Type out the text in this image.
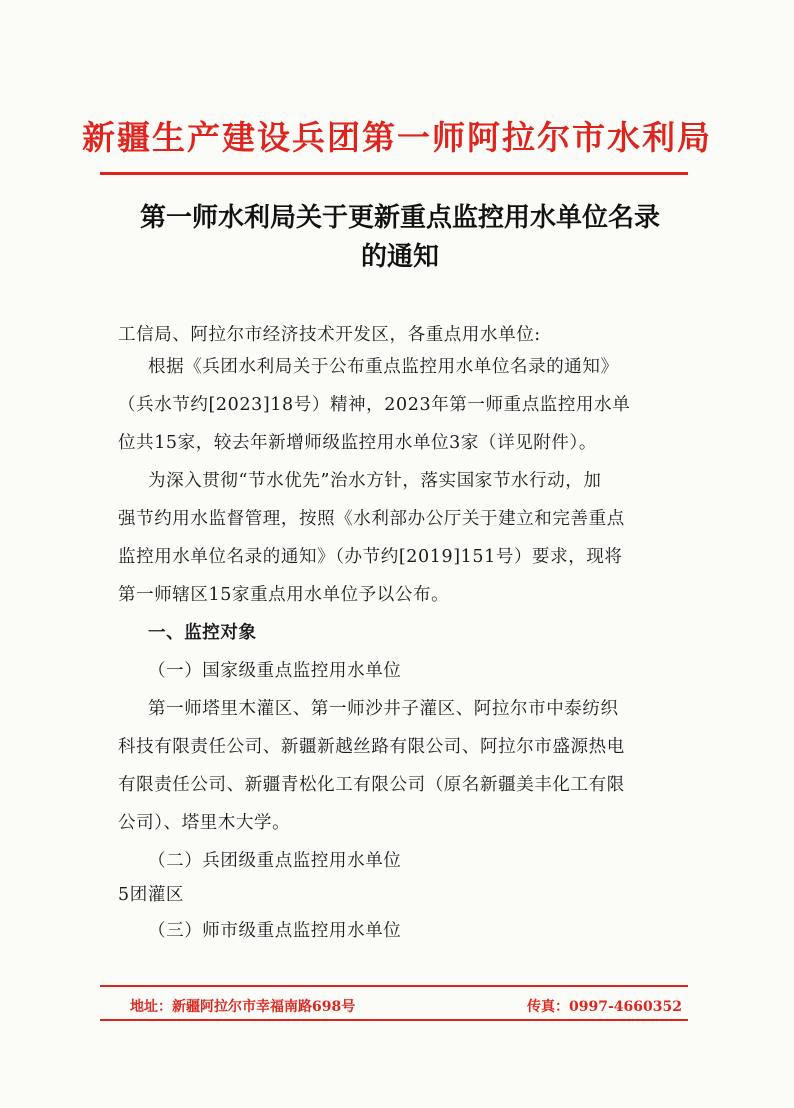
新疆生产建设兵团第一师阿拉尔市水利局
第一师水利局关于更新重点监控用水单位名录
的通知
工信局、阿拉尔市经济技术开发区，各重点用水单位:
根据《兵团水利局关于公布重点监控用水单位名录的通知》
（兵水节约[2023]18号）精神，2023年第一师重点监控用水单
位共15家，较去年新增师级监控用水单位3家（详见附件）。
为深入贯彻“节水优先”治水方针，落实国家节水行动，加
强节约用水监督管理，按照《水利部办公厅关于建立和完善重点
监控用水单位名录的通知》（办节约[2019]151号）要求，现将
第一师辖区15家重点用水单位予以公布。
一、监控对象
（一）国家级重点监控用水单位
第一师塔里木灌区、第一师沙井子灌区、阿拉尔市中泰纺织
科技有限责任公司、新疆新越丝路有限公司、阿拉尔市盛源热电
有限责任公司、新疆青松化工有限公司（原名新疆美丰化工有限
公司）、塔里木大学。
（二）兵团级重点监控用水单位
5团灌区
（三）师市级重点监控用水单位
地址：新疆阿拉尔市幸福南路698号	传真：0997-4660352
